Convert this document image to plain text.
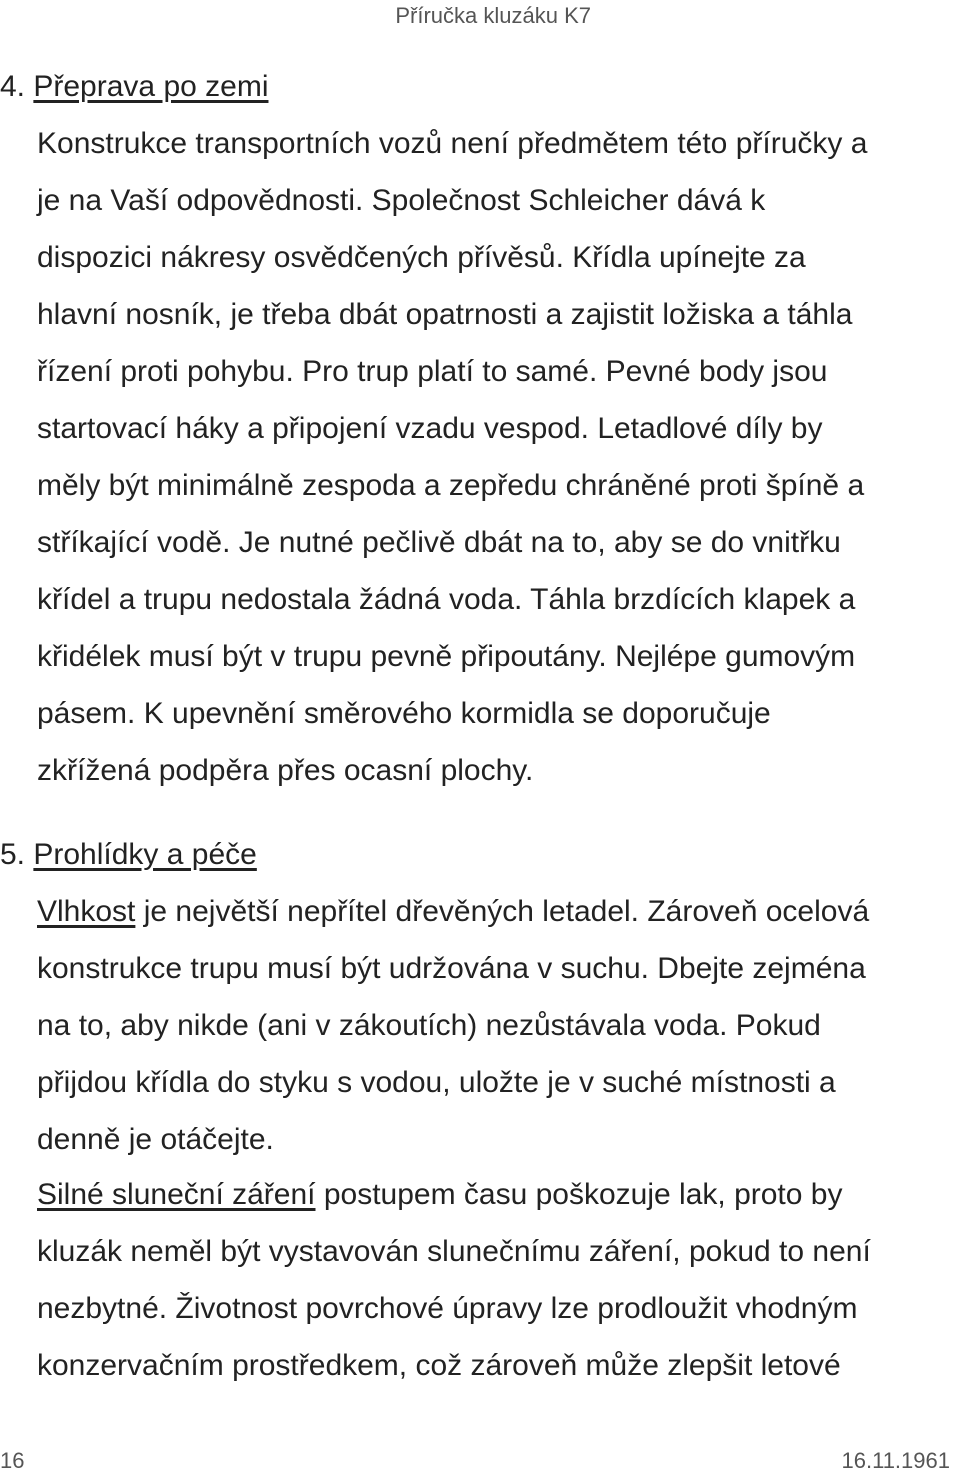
Příručka kluzáku K7
4. Přeprava po zemi
Konstrukce transportních vozů není předmětem této příručky a
je na Vaší odpovědnosti. Společnost Schleicher dává k
dispozici nákresy osvědčených přívěsů. Křídla upínejte za
hlavní nosník, je třeba dbát opatrnosti a zajistit ložiska a táhla
řízení proti pohybu. Pro trup platí to samé. Pevné body jsou
startovací háky a připojení vzadu vespod. Letadlové díly by
měly být minimálně zespoda a zepředu chráněné proti špíně a
stříkající vodě. Je nutné pečlivě dbát na to, aby se do vnitřku
křídel a trupu nedostala žádná voda. Táhla brzdících klapek a
křidélek musí být v trupu pevně připoutány. Nejlépe gumovým
pásem. K upevnění směrového kormidla se doporučuje
zkřížená podpěra přes ocasní plochy.
5. Prohlídky a péče
Vlhkost je největší nepřítel dřevěných letadel. Zároveň ocelová
konstrukce trupu musí být udržována v suchu. Dbejte zejména
na to, aby nikde (ani v zákoutích) nezůstávala voda. Pokud
přijdou křídla do styku s vodou, uložte je v suché místnosti a
denně je otáčejte.
Silné sluneční záření postupem času poškozuje lak, proto by
kluzák neměl být vystavován slunečnímu záření, pokud to není
nezbytné. Životnost povrchové úpravy lze prodloužit vhodným
konzervačním prostředkem, což zároveň může zlepšit letové
16	16.11.1961
